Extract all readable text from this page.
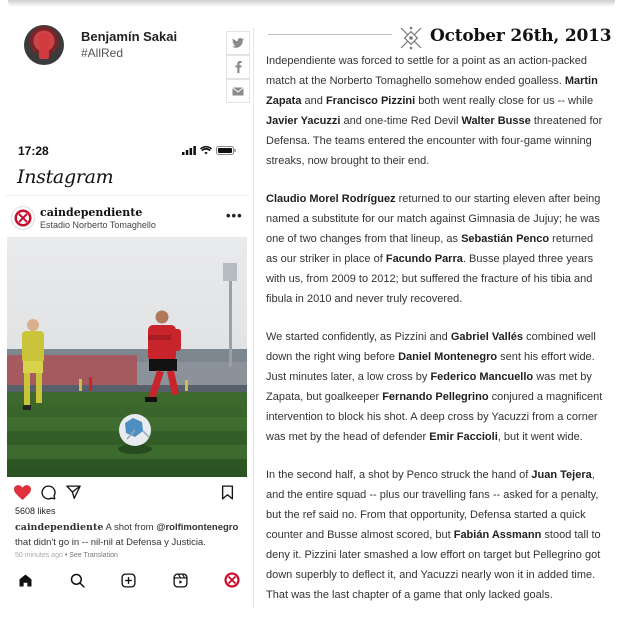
Benjamín Sakai
#AllRed
17:28
Instagram
caindependiente
Estadio Norberto Tomaghello
•••
5608 likes
caindependiente A shot from @rolfimontenegro that didn't go in -- nil-nil at Defensa y Justicia.
50 minutes ago • See Translation
October 26th, 2013

Independiente was forced to settle for a point as an action-packed match at the Norberto Tomaghello somehow ended goalless. Martin Zapata and Francisco Pizzini both went really close for us -- while Javier Yacuzzi and one-time Red Devil Walter Busse threatened for Defensa. The teams entered the encounter with four-game winning streaks, now brought to their end.

Claudio Morel Rodríguez returned to our starting eleven after being named a substitute for our match against Gimnasia de Jujuy; he was one of two changes from that lineup, as Sebastián Penco returned as our striker in place of Facundo Parra. Busse played three years with us, from 2009 to 2012; but suffered the fracture of his tibia and fibula in 2010 and never truly recovered.

We started confidently, as Pizzini and Gabriel Vallés combined well down the right wing before Daniel Montenegro sent his effort wide. Just minutes later, a low cross by Federico Mancuello was met by Zapata, but goalkeeper Fernando Pellegrino conjured a magnificent intervention to block his shot. A deep cross by Yacuzzi from a corner was met by the head of defender Emir Faccioli, but it went wide.

In the second half, a shot by Penco struck the hand of Juan Tejera, and the entire squad -- plus our travelling fans -- asked for a penalty, but the ref said no. From that opportunity, Defensa started a quick counter and Busse almost scored, but Fabián Assmann stood tall to deny it. Pizzini later smashed a low effort on target but Pellegrino got down superbly to deflect it, and Yacuzzi nearly won it in added time. That was the last chapter of a game that only lacked goals.
